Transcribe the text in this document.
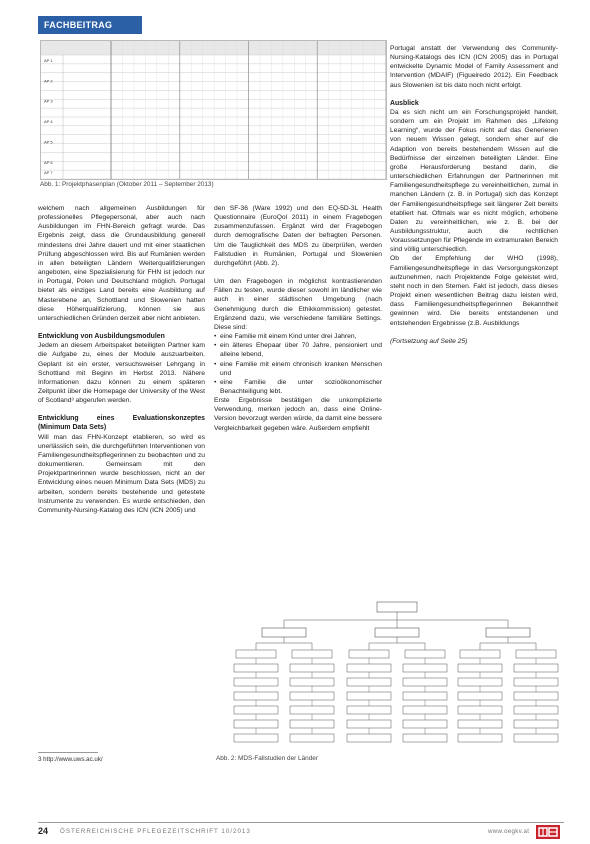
FACHBEITRAG
AP 1
AP 2
AP 3
AP 4
AP 5
AP 6
AP 7
Abb. 1: Projektphasenplan (Oktober 2011 – September 2013)

welchem nach allgemeinen Ausbildungen für professionelles Pflegepersonal, aber auch nach Ausbildungen im FHN-Bereich gefragt wurde. Das Ergebnis zeigt, dass die Grundausbildung generell mindestens drei Jahre dauert und mit einer staatlichen Prüfung abgeschlossen wird. Bis auf Rumänien werden in allen beteiligten Ländern Weiterqualifizierungen angeboten, eine Spezialisierung für FHN ist jedoch nur in Portugal, Polen und Deutschland möglich. Portugal bietet als einziges Land bereits eine Ausbildung auf Masterebene an, Schottland und Slowenien hatten diese Höherqualifizierung, können sie aus unterschiedlichen Gründen derzeit aber nicht anbieten.

Entwicklung von Ausbildungsmodulen

Jedem an diesem Arbeitspaket beteiligten Partner kam die Aufgabe zu, eines der Module auszuarbeiten. Geplant ist ein erster, versuchsweiser Lehrgang in Schottland mit Beginn im Herbst 2013. Nähere Informationen dazu können zu einem späteren Zeitpunkt über die Homepage der University of the West of Scotland³ abgerufen werden.

Entwicklung eines Evaluationskonzeptes (Minimum Data Sets)

Will man das FHN-Konzept etablieren, so wird es unerlässlich sein, die durchgeführten Interventionen von Familiengesundheitspflegerinnen zu beobachten und zu dokumentieren. Gemeinsam mit den Projektpartnerinnen wurde beschlossen, nicht an der Entwicklung eines neuen Minimum Data Sets (MDS) zu arbeiten, sondern bereits bestehende und getestete Instrumente zu verwenden. Es wurde entschieden, den Community-Nursing-Katalog des ICN (ICN 2005) und

den SF-36 (Ware 1992) und den EQ-5D-3L Health Questionnaire (EuroQol 2011) in einem Fragebogen zusammenzufassen. Ergänzt wird der Fragebogen durch demografische Daten der befragten Personen. Um die Tauglichkeit des MDS zu überprüfen, werden Fallstudien in Rumänien, Portugal und Slowenien durchgeführt (Abb. 2).

Um den Fragebogen in möglichst kontrastierenden Fällen zu testen, wurde dieser sowohl im ländlicher wie auch in einer städtischen Umgebung (nach Genehmigung durch die Ethikkommission) getestet. Ergänzend dazu, wie verschiedene familiäre Settings. Diese sind:

• eine Familie mit einem Kind unter drei Jahren,
• ein älteres Ehepaar über 70 Jahre, pensioniert und alleine lebend,
• eine Familie mit einem chronisch kranken Menschen und
• eine Familie die unter sozioökonomischer Benachteiligung lebt.

Erste Ergebnisse bestätigen die unkomplizierte Verwendung, merken jedoch an, dass eine Online-Version bevorzugt werden würde, da damit eine bessere Vergleichbarkeit gegeben wäre. Außerdem empfiehlt

Portugal anstatt der Verwendung des Community-Nursing-Katalogs des ICN (ICN 2005) das in Portugal entwickelte Dynamic Model of Family Assessment and Intervention (MDAIF) (Figueiredo 2012). Ein Feedback aus Slowenien ist bis dato noch nicht erfolgt.

Ausblick

Da es sich nicht um ein Forschungsprojekt handelt, sondern um ein Projekt im Rahmen des „Lifelong Learning“, wurde der Fokus nicht auf das Generieren von neuem Wissen gelegt, sondern eher auf die Adaption von bereits bestehendem Wissen auf die Bedürfnisse der einzelnen beteiligten Länder. Eine große Herausforderung bestand darin, die unterschiedlichen Erfahrungen der Partnerinnen mit Familiengesundheitspflege zu vereinheitlichen, zumal in manchen Ländern (z. B. in Portugal) sich das Konzept der Familiengesundheitspflege seit längerer Zeit bereits etabliert hat. Oftmals war es nicht möglich, erhobene Daten zu vereinheitlichen, wie z. B. bei der Ausbildungsstruktur, auch die rechtlichen Voraussetzungen für Pflegende im extramuralen Bereich sind völlig unterschiedlich.

Ob der Empfehlung der WHO (1998), Familiengesundheitspflege in das Versorgungskonzept aufzunehmen, nach Projektende Folge geleistet wird, steht noch in den Sternen. Fakt ist jedoch, dass dieses Projekt einen wesentlichen Beitrag dazu leisten wird, dass Familiengesundheitspflegerinnen Bekanntheit gewinnen wird. Die bereits entstandenen und entstehenden Ergebnisse (z.B. Ausbildungs

(Fortsetzung auf Seite 25)

Abb. 2: MDS-Fallstudien der Länder
3 http://www.uws.ac.uk/
24 ÖSTERREICHISCHE PFLEGEZEITSCHRIFT 10/2013	www.oegkv.at
